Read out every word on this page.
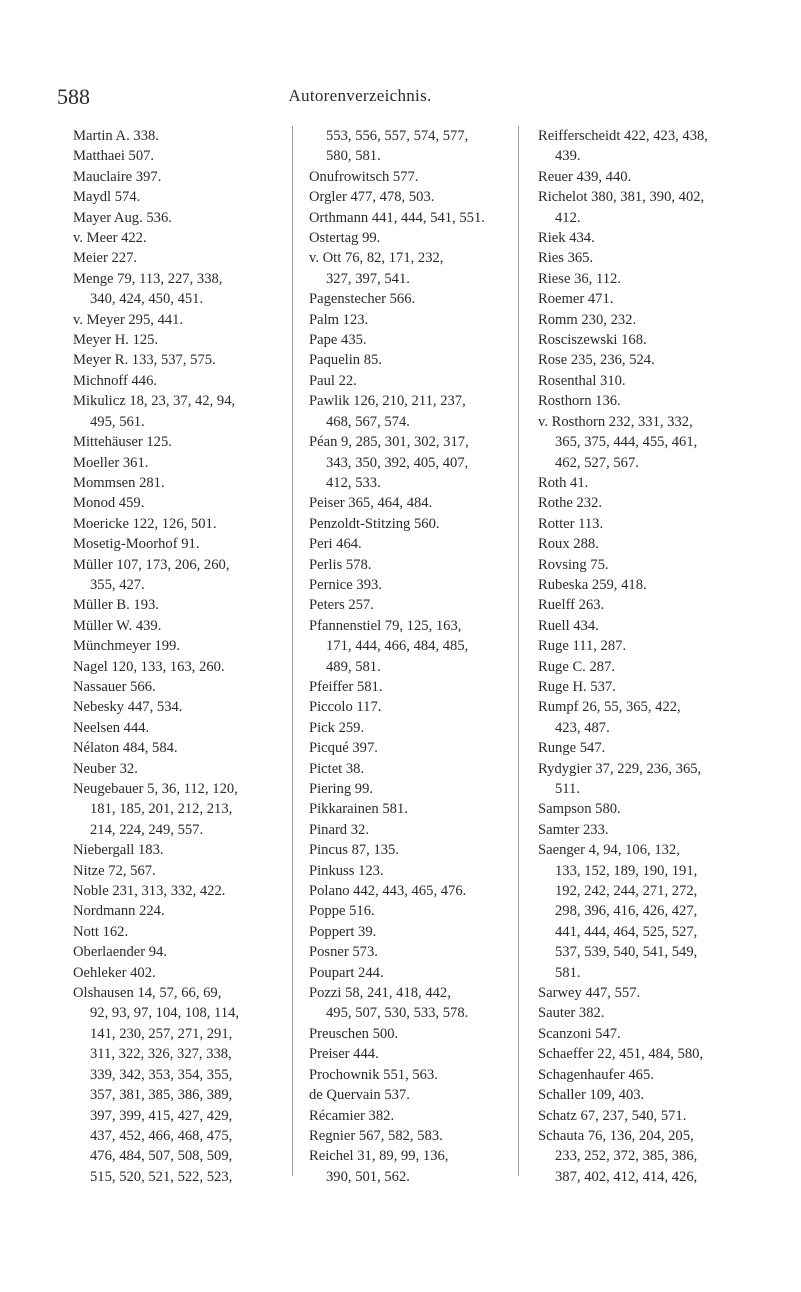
588	Autorenverzeichnis.
Martin A. 338.
Matthaei 507.
Mauclaire 397.
Maydl 574.
Mayer Aug. 536.
v. Meer 422.
Meier 227.
Menge 79, 113, 227, 338,
340, 424, 450, 451.
v. Meyer 295, 441.
Meyer H. 125.
Meyer R. 133, 537, 575.
Michnoff 446.
Mikulicz 18, 23, 37, 42, 94,
495, 561.
Mittehäuser 125.
Moeller 361.
Mommsen 281.
Monod 459.
Moericke 122, 126, 501.
Mosetig-Moorhof 91.
Müller 107, 173, 206, 260,
355, 427.
Müller B. 193.
Müller W. 439.
Münchmeyer 199.
Nagel 120, 133, 163, 260.
Nassauer 566.
Nebesky 447, 534.
Neelsen 444.
Nélaton 484, 584.
Neuber 32.
Neugebauer 5, 36, 112, 120,
181, 185, 201, 212, 213,
214, 224, 249, 557.
Niebergall 183.
Nitze 72, 567.
Noble 231, 313, 332, 422.
Nordmann 224.
Nott 162.
Oberlaender 94.
Oehleker 402.
Olshausen 14, 57, 66, 69,
92, 93, 97, 104, 108, 114,
141, 230, 257, 271, 291,
311, 322, 326, 327, 338,
339, 342, 353, 354, 355,
357, 381, 385, 386, 389,
397, 399, 415, 427, 429,
437, 452, 466, 468, 475,
476, 484, 507, 508, 509,
515, 520, 521, 522, 523,
553, 556, 557, 574, 577,
580, 581.
Onufrowitsch 577.
Orgler 477, 478, 503.
Orthmann 441, 444, 541, 551.
Ostertag 99.
v. Ott 76, 82, 171, 232,
327, 397, 541.
Pagenstecher 566.
Palm 123.
Pape 435.
Paquelin 85.
Paul 22.
Pawlik 126, 210, 211, 237,
468, 567, 574.
Péan 9, 285, 301, 302, 317,
343, 350, 392, 405, 407,
412, 533.
Peiser 365, 464, 484.
Penzoldt-Stitzing 560.
Peri 464.
Perlis 578.
Pernice 393.
Peters 257.
Pfannenstiel 79, 125, 163,
171, 444, 466, 484, 485,
489, 581.
Pfeiffer 581.
Piccolo 117.
Pick 259.
Picqué 397.
Pictet 38.
Piering 99.
Pikkarainen 581.
Pinard 32.
Pincus 87, 135.
Pinkuss 123.
Polano 442, 443, 465, 476.
Poppe 516.
Poppert 39.
Posner 573.
Poupart 244.
Pozzi 58, 241, 418, 442,
495, 507, 530, 533, 578.
Preuschen 500.
Preiser 444.
Prochownik 551, 563.
de Quervain 537.
Récamier 382.
Regnier 567, 582, 583.
Reichel 31, 89, 99, 136,
390, 501, 562.
Reifferscheidt 422, 423, 438,
439.
Reuer 439, 440.
Richelot 380, 381, 390, 402,
412.
Riek 434.
Ries 365.
Riese 36, 112.
Roemer 471.
Romm 230, 232.
Rosciszewski 168.
Rose 235, 236, 524.
Rosenthal 310.
Rosthorn 136.
v. Rosthorn 232, 331, 332,
365, 375, 444, 455, 461,
462, 527, 567.
Roth 41.
Rothe 232.
Rotter 113.
Roux 288.
Rovsing 75.
Rubeska 259, 418.
Ruelff 263.
Ruell 434.
Ruge 111, 287.
Ruge C. 287.
Ruge H. 537.
Rumpf 26, 55, 365, 422,
423, 487.
Runge 547.
Rydygier 37, 229, 236, 365,
511.
Sampson 580.
Samter 233.
Saenger 4, 94, 106, 132,
133, 152, 189, 190, 191,
192, 242, 244, 271, 272,
298, 396, 416, 426, 427,
441, 444, 464, 525, 527,
537, 539, 540, 541, 549,
581.
Sarwey 447, 557.
Sauter 382.
Scanzoni 547.
Schaeffer 22, 451, 484, 580,
Schagenhaufer 465.
Schaller 109, 403.
Schatz 67, 237, 540, 571.
Schauta 76, 136, 204, 205,
233, 252, 372, 385, 386,
387, 402, 412, 414, 426,
